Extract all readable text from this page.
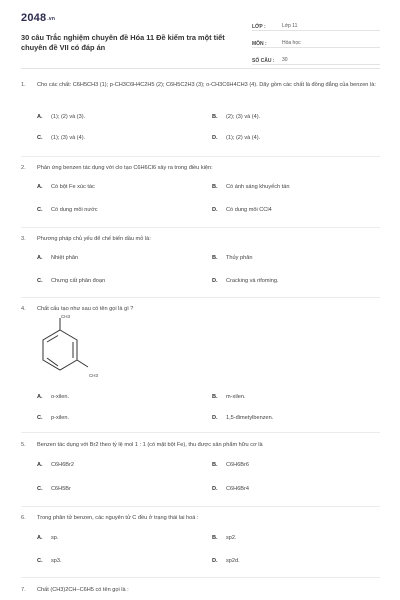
2048.vn
30 câu Trắc nghiệm chuyên đề Hóa 11 Đề kiểm tra một tiết chuyên đề VII có đáp án
LỚP :	Lớp 11
MÔN :	Hóa học
SỐ CÂU :	30
1.	Cho các chất: C6H5CH3 (1); p-CH3C6H4C2H5 (2); C6H5C2H3 (3); o-CH3C6H4CH3 (4). Dãy gồm các chất là đồng đẳng của benzen là:
A. (1); (2) và (3).	B. (2); (3) và (4).
C. (1); (3) và (4).	D. (1); (2) và (4).
2.	Phản ứng benzen tác dụng với clo tạo C6H6Cl6 xảy ra trong điều kiện:
A. Có bột Fe xúc tác	B. Có ánh sáng khuyếch tán
C. Có dung môi nước	D. Có dung môi CCl4
3.	Phương pháp chủ yếu để chế biến dầu mỏ là:
A. Nhiệt phân	B. Thủy phân
C. Chưng cất phân đoạn	D. Cracking và rifoming.
4.	Chất cấu tạo như sau có tên gọi là gì ?
CH3
CH3
A. o-xilen.	B. m-xilen.
C. p-xilen.	D. 1,5-đimetylbenzen.
5.	Benzen tác dụng với Br2 theo tỷ lệ mol 1 : 1 (có mặt bột Fe), thu được sản phẩm hữu cơ là
A. C6H6Br2	B. C6H6Br6
C. C6H5Br	D. C6H6Br4
6.	Trong phân tử benzen, các nguyên tử C đều ở trạng thái lai hoá :
A. sp.	B. sp2.
C. sp3.	D. sp2d.
7.	Chất (CH3)2CH–C6H5 có tên gọi là :
